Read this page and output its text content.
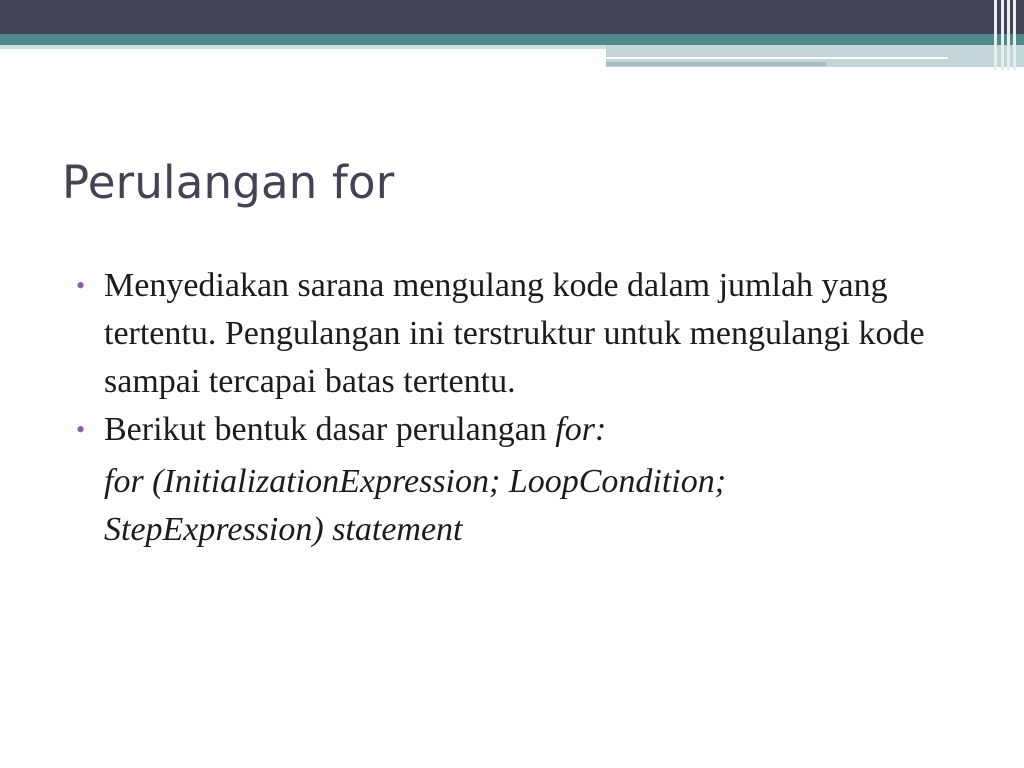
Perulangan for
• Menyediakan sarana mengulang kode dalam jumlah yang tertentu. Pengulangan ini terstruktur untuk mengulangi kode sampai tercapai batas tertentu.
• Berikut bentuk dasar perulangan for:
for (InitializationExpression; LoopCondition;
StepExpression) statement
